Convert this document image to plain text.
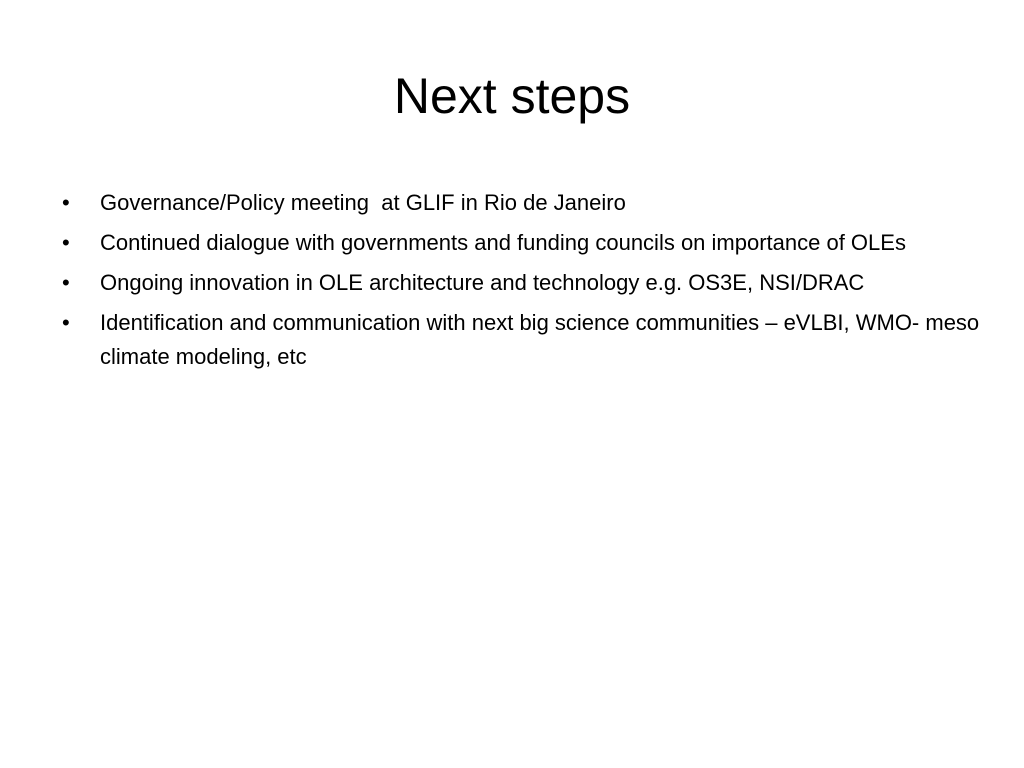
Next steps
•	Governance/Policy meeting  at GLIF in Rio de Janeiro
•	Continued dialogue with governments and funding councils on importance of OLEs
•	Ongoing innovation in OLE architecture and technology e.g. OS3E, NSI/DRAC
•	Identification and communication with next big science communities – eVLBI, WMO- meso climate modeling, etc
